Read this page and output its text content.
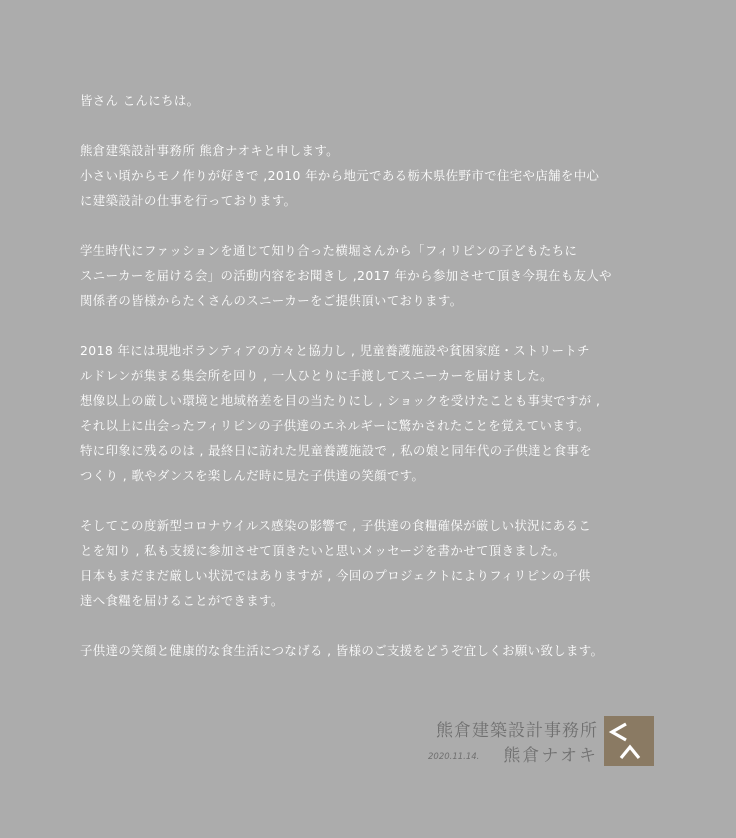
皆さん こんにちは。

熊倉建築設計事務所 熊倉ナオキと申します。
小さい頃からモノ作りが好きで ,2010 年から地元である栃木県佐野市で住宅や店舗を中心
に建築設計の仕事を行っております。

学生時代にファッションを通じて知り合った横堀さんから「フィリピンの子どもたちに
スニーカーを届ける会」の活動内容をお聞きし ,2017 年から参加させて頂き今現在も友人や
関係者の皆様からたくさんのスニーカーをご提供頂いております。

2018 年には現地ボランティアの方々と協力し , 児童養護施設や貧困家庭・ストリートチ
ルドレンが集まる集会所を回り , 一人ひとりに手渡してスニーカーを届けました。
想像以上の厳しい環境と地域格差を目の当たりにし , ショックを受けたことも事実ですが ,
それ以上に出会ったフィリピンの子供達のエネルギーに驚かされたことを覚えています。
特に印象に残るのは , 最終日に訪れた児童養護施設で , 私の娘と同年代の子供達と食事を
つくり , 歌やダンスを楽しんだ時に見た子供達の笑顔です。

そしてこの度新型コロナウイルス感染の影響で , 子供達の食糧確保が厳しい状況にあるこ
とを知り , 私も支援に参加させて頂きたいと思いメッセージを書かせて頂きました。
日本もまだまだ厳しい状況ではありますが , 今回のプロジェクトによりフィリピンの子供
達へ食糧を届けることができます。

子供達の笑顔と健康的な食生活につなげる , 皆様のご支援をどうぞ宜しくお願い致します。

熊倉建築設計事務所
2020.11.14. 熊倉ナオキ
